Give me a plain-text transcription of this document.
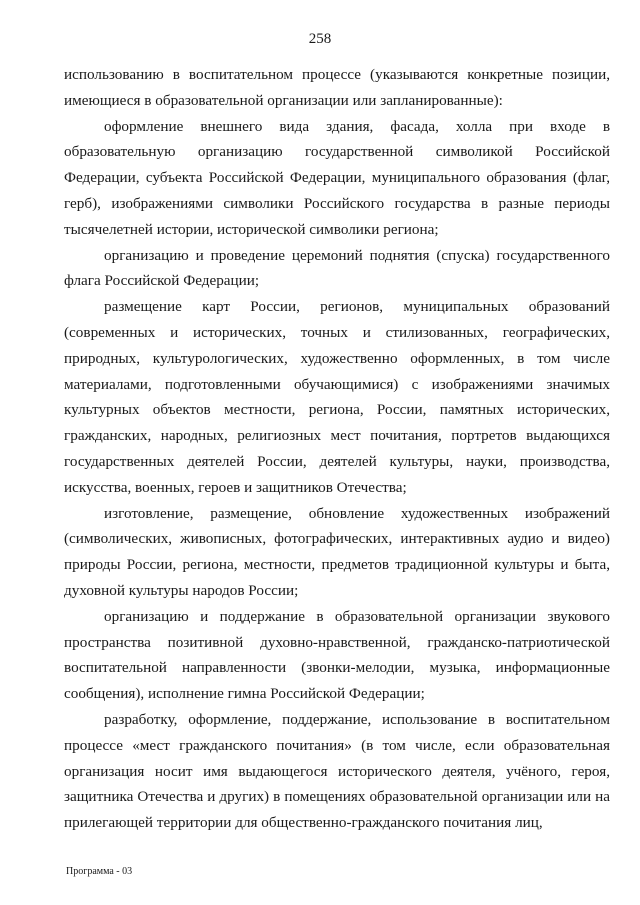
258

использованию в воспитательном процессе (указываются конкретные позиции, имеющиеся в образовательной организации или запланированные):

оформление внешнего вида здания, фасада, холла при входе в образовательную организацию государственной символикой Российской Федерации, субъекта Российской Федерации, муниципального образования (флаг, герб), изображениями символики Российского государства в разные периоды тысячелетней истории, исторической символики региона;

организацию и проведение церемоний поднятия (спуска) государственного флага Российской Федерации;

размещение карт России, регионов, муниципальных образований (современных и исторических, точных и стилизованных, географических, природных, культурологических, художественно оформленных, в том числе материалами, подготовленными обучающимися) с изображениями значимых культурных объектов местности, региона, России, памятных исторических, гражданских, народных, религиозных мест почитания, портретов выдающихся государственных деятелей России, деятелей культуры, науки, производства, искусства, военных, героев и защитников Отечества;

изготовление, размещение, обновление художественных изображений (символических, живописных, фотографических, интерактивных аудио и видео) природы России, региона, местности, предметов традиционной культуры и быта, духовной культуры народов России;

организацию и поддержание в образовательной организации звукового пространства позитивной духовно-нравственной, гражданско-патриотической воспитательной направленности (звонки-мелодии, музыка, информационные сообщения), исполнение гимна Российской Федерации;

разработку, оформление, поддержание, использование в воспитательном процессе «мест гражданского почитания» (в том числе, если образовательная организация носит имя выдающегося исторического деятеля, учёного, героя, защитника Отечества и других) в помещениях образовательной организации или на прилегающей территории для общественно-гражданского почитания лиц,

Программа - 03
